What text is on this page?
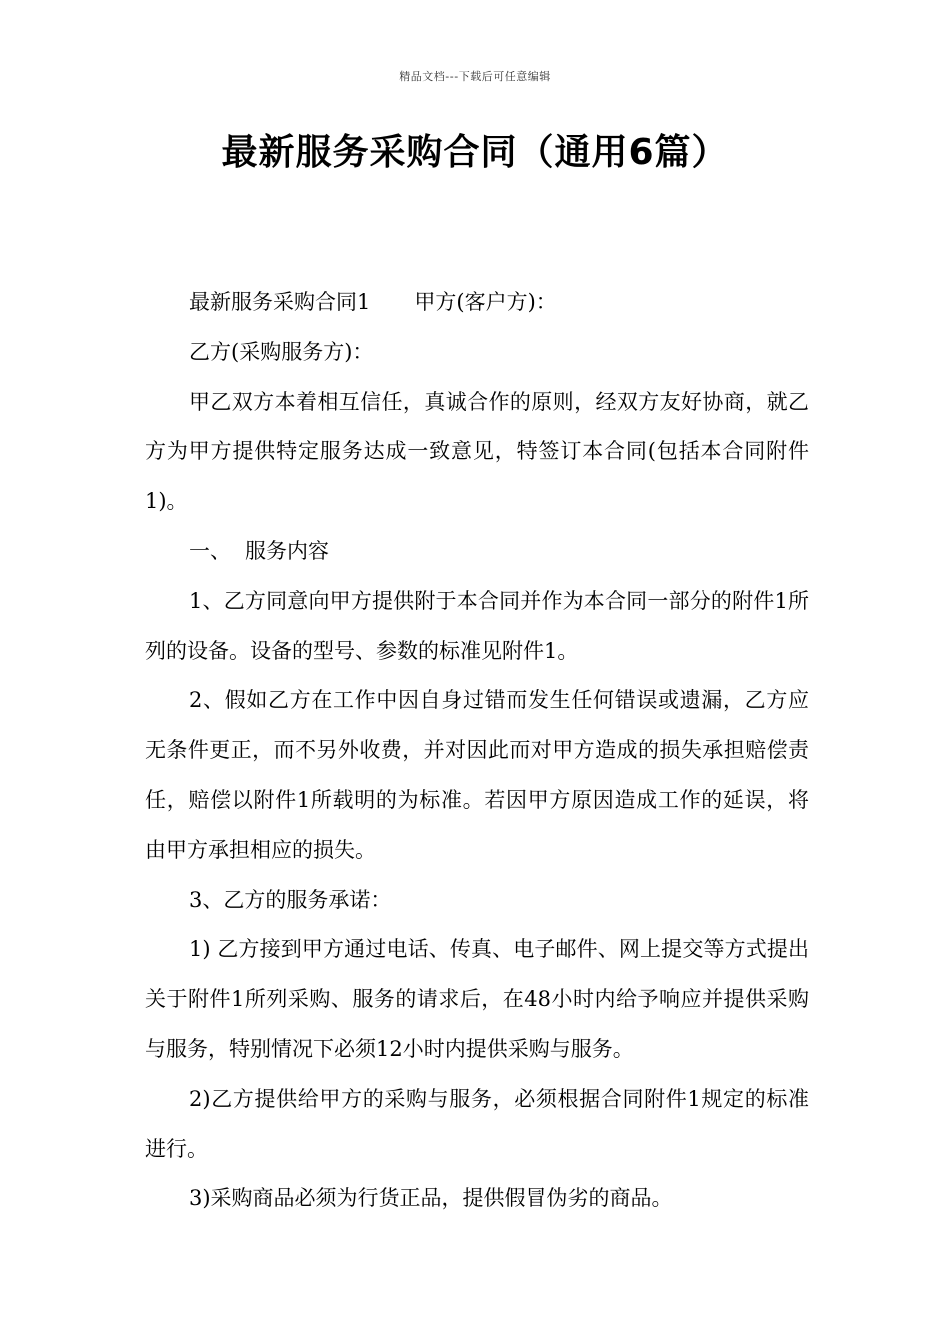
精品文档---下载后可任意编辑
最新服务采购合同（通用6篇）

最新服务采购合同1 甲方(客户方)：

乙方(采购服务方)：

甲乙双方本着相互信任，真诚合作的原则，经双方友好协商，就乙方为甲方提供特定服务达成一致意见，特签订本合同(包括本合同附件1)。

一、 服务内容

1、乙方同意向甲方提供附于本合同并作为本合同一部分的附件1所列的设备。设备的型号、参数的标准见附件1。

2、假如乙方在工作中因自身过错而发生任何错误或遗漏，乙方应无条件更正，而不另外收费，并对因此而对甲方造成的损失承担赔偿责任，赔偿以附件1所载明的为标准。若因甲方原因造成工作的延误，将由甲方承担相应的损失。

3、乙方的服务承诺：

1) 乙方接到甲方通过电话、传真、电子邮件、网上提交等方式提出关于附件1所列采购、服务的请求后，在48小时内给予响应并提供采购与服务，特别情况下必须12小时内提供采购与服务。

2)乙方提供给甲方的采购与服务，必须根据合同附件1规定的标准进行。

3)采购商品必须为行货正品，提供假冒伪劣的商品。
